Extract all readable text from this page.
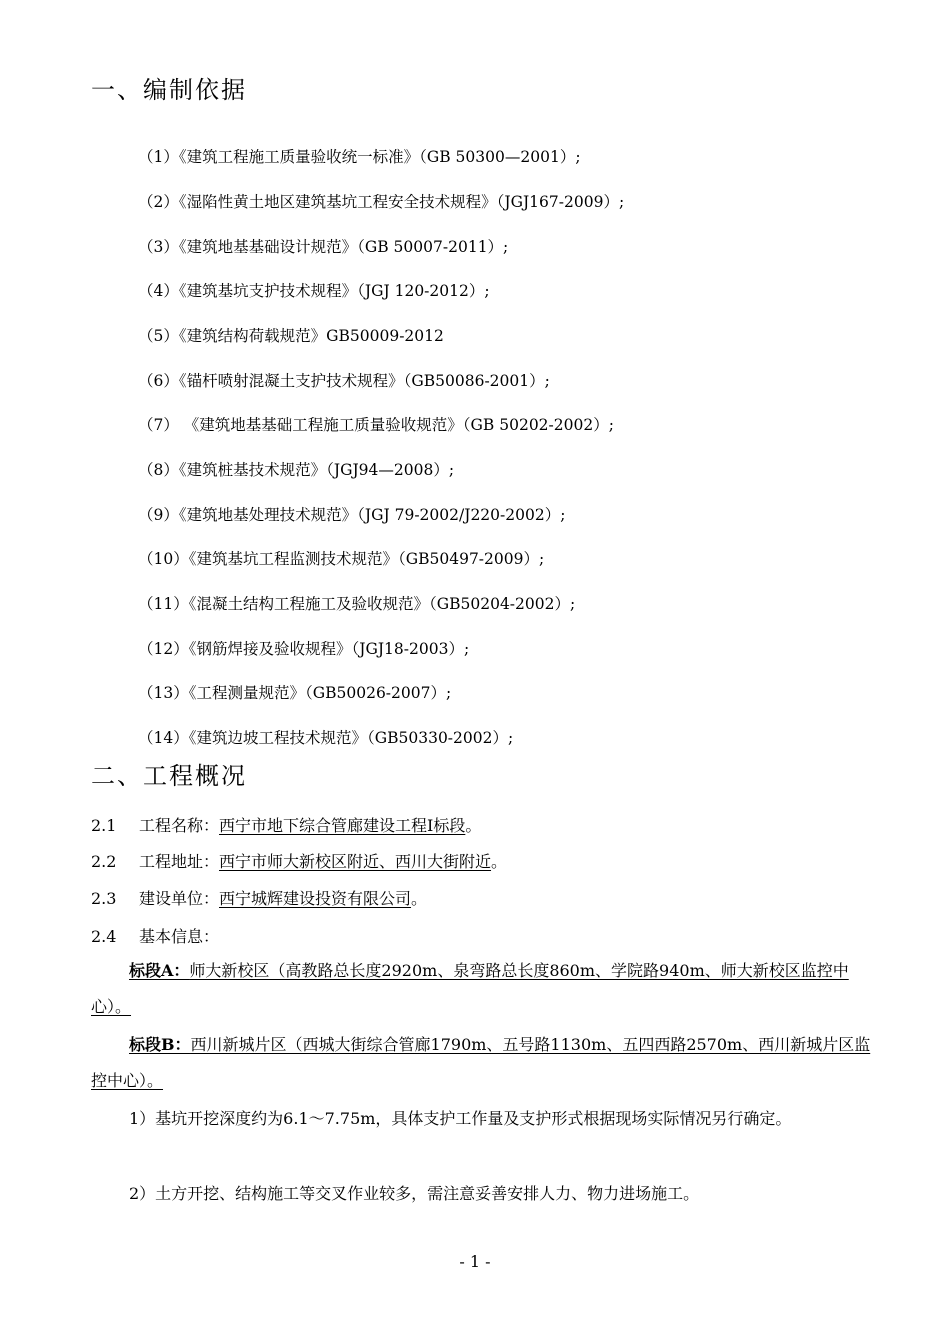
一、编制依据
（1）《建筑工程施工质量验收统一标准》（GB 50300—2001）;
（2）《湿陷性黄土地区建筑基坑工程安全技术规程》（JGJ167-2009）;
（3）《建筑地基基础设计规范》（GB 50007-2011）;
（4）《建筑基坑支护技术规程》（JGJ 120-2012）;
（5）《建筑结构荷载规范》GB50009-2012
（6）《锚杆喷射混凝土支护技术规程》（GB50086-2001）;
（7） 《建筑地基基础工程施工质量验收规范》（GB 50202-2002）;
（8）《建筑桩基技术规范》（JGJ94—2008）;
（9）《建筑地基处理技术规范》（JGJ 79-2002/J220-2002）;
（10）《建筑基坑工程监测技术规范》（GB50497-2009）;
（11）《混凝土结构工程施工及验收规范》（GB50204-2002）;
（12）《钢筋焊接及验收规程》（JGJ18-2003）;
（13）《工程测量规范》（GB50026-2007）;
（14）《建筑边坡工程技术规范》（GB50330-2002）;
二、工程概况
2.1 工程名称：西宁市地下综合管廊建设工程I标段。
2.2 工程地址：西宁市师大新校区附近、西川大街附近。
2.3 建设单位：西宁城辉建设投资有限公司。
2.4 基本信息：
标段A：师大新校区（高教路总长度2920m、泉弯路总长度860m、学院路940m、师大新校区监控中心）。
标段B：西川新城片区（西城大街综合管廊1790m、五号路1130m、五四西路2570m、西川新城片区监控中心）。
1）基坑开挖深度约为6.1～7.75m，具体支护工作量及支护形式根据现场实际情况另行确定。
2）土方开挖、结构施工等交叉作业较多，需注意妥善安排人力、物力进场施工。
- 1 -
